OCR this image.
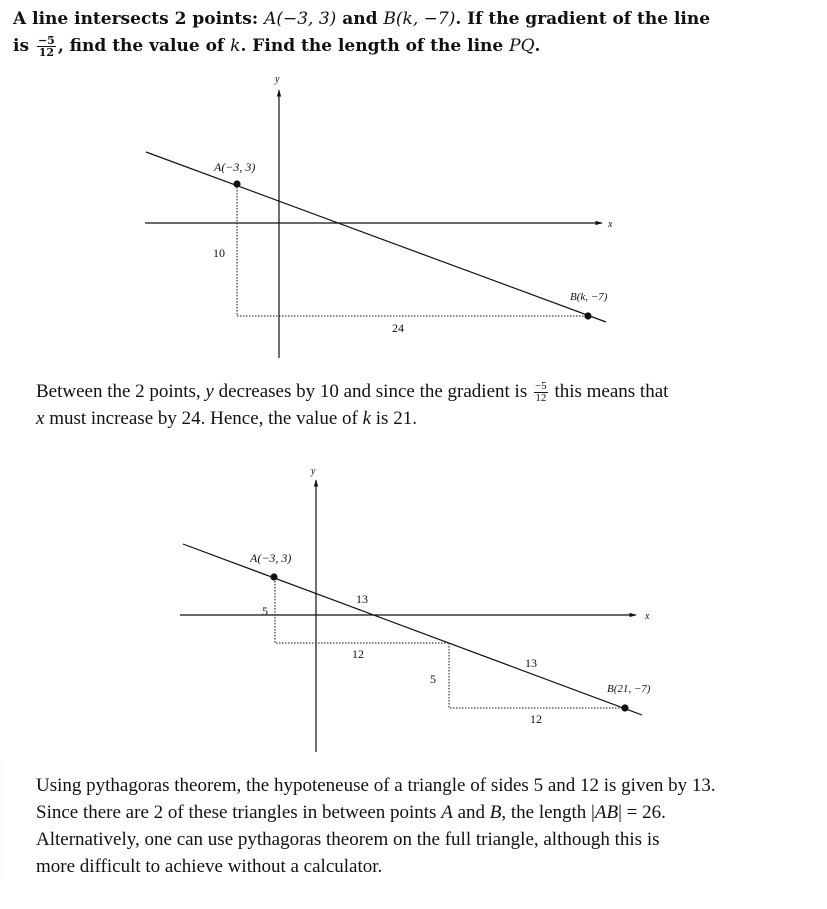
A line intersects 2 points: A(−3, 3) and B(k, −7). If the gradient of the line
is $\frac{-5}{12}$ , find the value of k. Find the length of the line PQ.
y
x
A(−3, 3)
B(k, −7)
10
24
Between the 2 points, y decreases by 10 and since the gradient is $\frac{-5}{12}$ this means that
x must increase by 24. Hence, the value of k is 21.
y
x
A(−3, 3)
B(21, −7)
5
13
12
5
13
12
Using pythagoras theorem, the hypoteneuse of a triangle of sides 5 and 12 is given by 13.
Since there are 2 of these triangles in between points A and B, the length |AB| = 26.
Alternatively, one can use pythagoras theorem on the full triangle, although this is
more difficult to achieve without a calculator.
